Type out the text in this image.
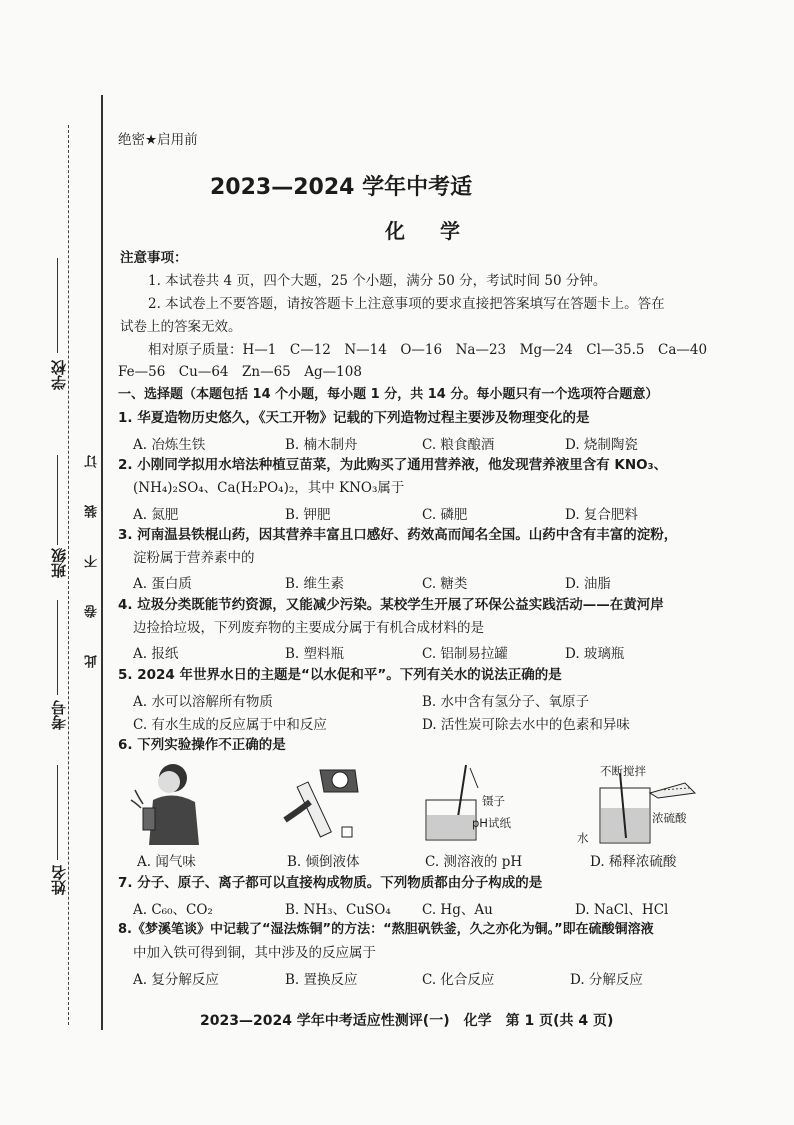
学校
班级
考号
姓名
订
装
不
卷
此
绝密★启用前
2023—2024 学年中考适
化 学
注意事项：
1. 本试卷共 4 页，四个大题，25 个小题，满分 50 分，考试时间 50 分钟。
2. 本试卷上不要答题，请按答题卡上注意事项的要求直接把答案填写在答题卡上。答在
试卷上的答案无效。
相对原子质量：H—1　C—12　N—14　O—16　Na—23　Mg—24　Cl—35.5　Ca—40
Fe—56　Cu—64　Zn—65　Ag—108
一、选择题（本题包括 14 个小题，每小题 1 分，共 14 分。每小题只有一个选项符合题意）
1. 华夏造物历史悠久，《天工开物》记载的下列造物过程主要涉及物理变化的是
A. 冶炼生铁	B. 楠木制舟	C. 粮食酿酒	D. 烧制陶瓷
2. 小刚同学拟用水培法种植豆苗菜，为此购买了通用营养液，他发现营养液里含有 KNO₃、
(NH₄)₂SO₄、Ca(H₂PO₄)₂，其中 KNO₃属于
A. 氮肥	B. 钾肥	C. 磷肥	D. 复合肥料
3. 河南温县铁棍山药，因其营养丰富且口感好、药效高而闻名全国。山药中含有丰富的淀粉，
淀粉属于营养素中的
A. 蛋白质	B. 维生素	C. 糖类	D. 油脂
4. 垃圾分类既能节约资源，又能减少污染。某校学生开展了环保公益实践活动——在黄河岸
边捡拾垃圾，下列废弃物的主要成分属于有机合成材料的是
A. 报纸	B. 塑料瓶	C. 铝制易拉罐	D. 玻璃瓶
5. 2024 年世界水日的主题是“以水促和平”。下列有关水的说法正确的是
A. 水可以溶解所有物质	B. 水中含有氢分子、氧原子
C. 有水生成的反应属于中和反应	D. 活性炭可除去水中的色素和异味
6. 下列实验操作不正确的是
A. 闻气味	B. 倾倒液体
镊子
pH试纸
C. 测溶液的 pH
不断搅拌
浓硫酸
水
D. 稀释浓硫酸
7. 分子、原子、离子都可以直接构成物质。下列物质都由分子构成的是
A. C₆₀、CO₂	B. NH₃、CuSO₄ C. Hg、Au	D. NaCl、HCl
8.《梦溪笔谈》中记载了“湿法炼铜”的方法：“熬胆矾铁釜，久之亦化为铜。”即在硫酸铜溶液
中加入铁可得到铜，其中涉及的反应属于
A. 复分解反应	B. 置换反应	C. 化合反应	D. 分解反应
2023—2024 学年中考适应性测评(一)　化学　第 1 页(共 4 页)
